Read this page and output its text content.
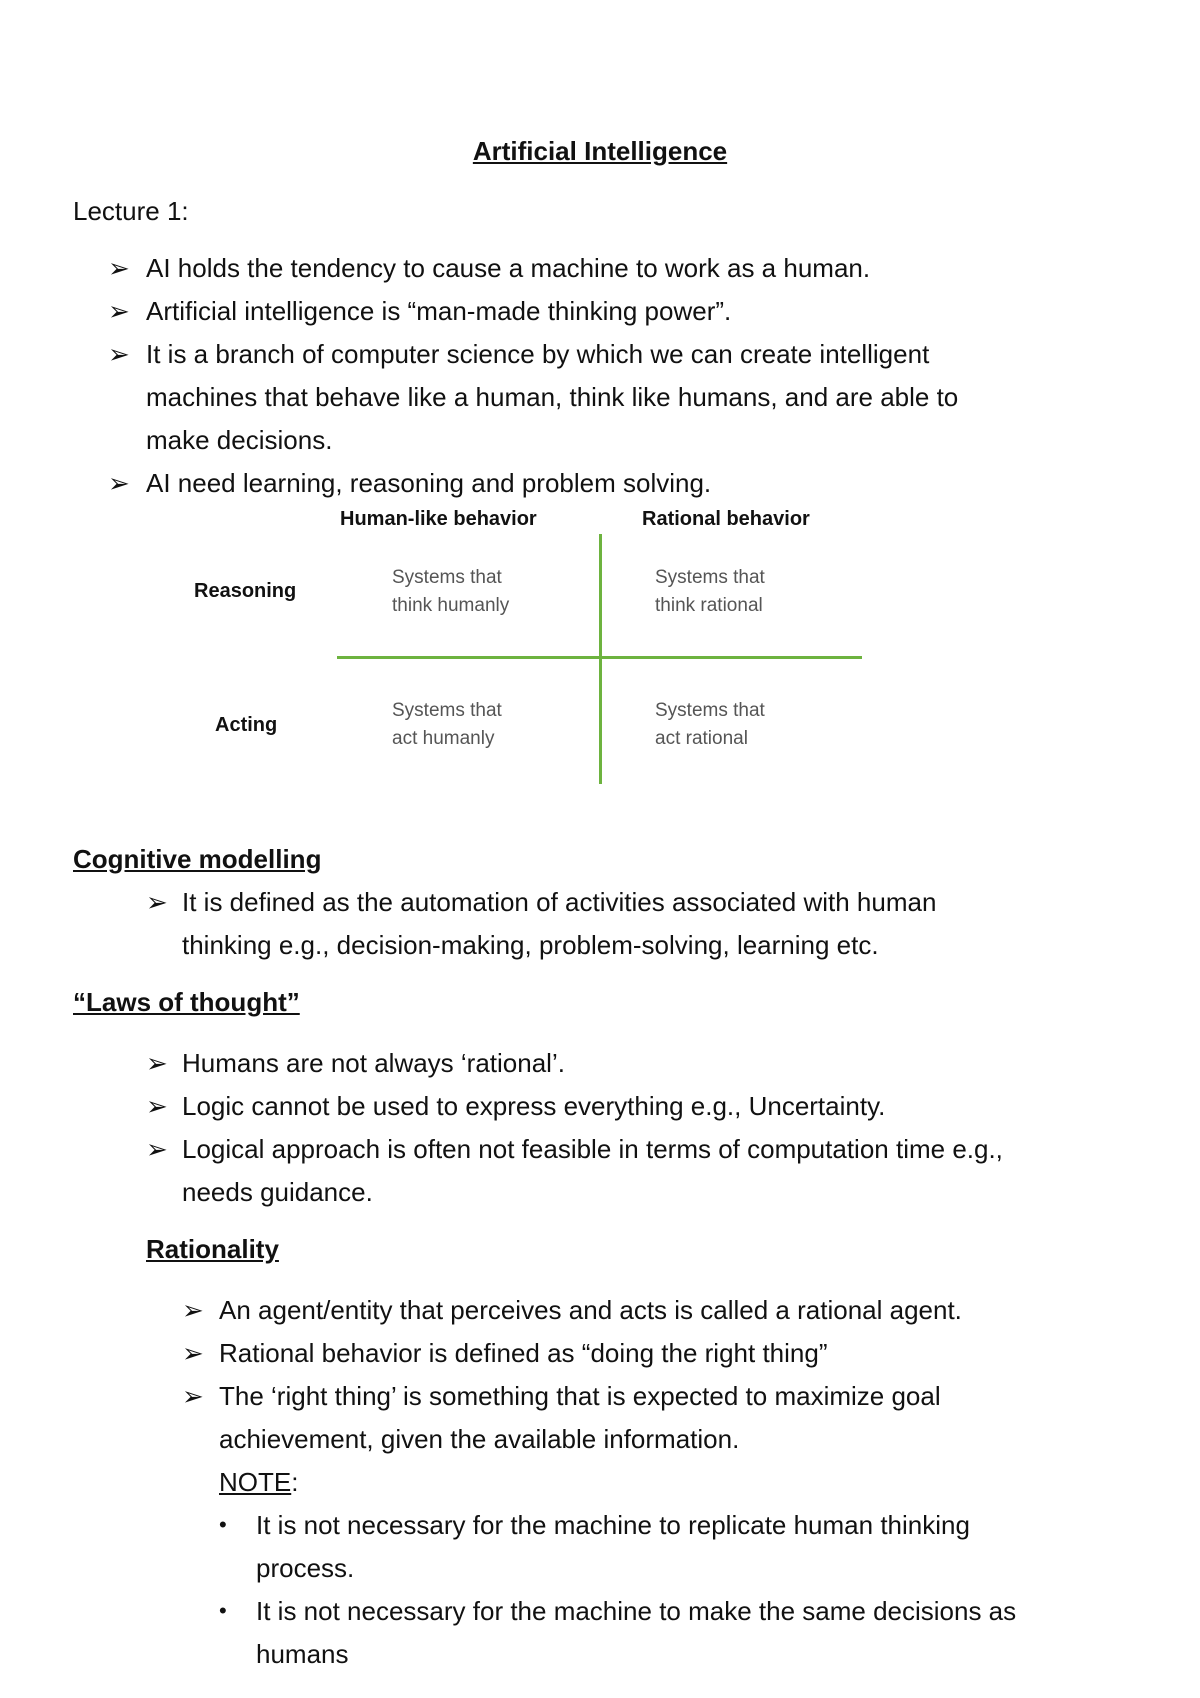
Artificial Intelligence
Lecture 1:
➢ AI holds the tendency to cause a machine to work as a human.
➢ Artificial intelligence is “man-made thinking power”.
➢ It is a branch of computer science by which we can create intelligent
machines that behave like a human, think like humans, and are able to
make decisions.
➢ AI need learning, reasoning and problem solving.
Human-like behavior	Rational behavior
Reasoning
Acting
Systems that
think humanly
Systems that
think rational
Systems that
act humanly
Systems that
act rational
Cognitive modelling
➢ It is defined as the automation of activities associated with human
thinking e.g., decision-making, problem-solving, learning etc.
“Laws of thought”
➢ Humans are not always ‘rational’.
➢ Logic cannot be used to express everything e.g., Uncertainty.
➢ Logical approach is often not feasible in terms of computation time e.g.,
needs guidance.
Rationality
➢ An agent/entity that perceives and acts is called a rational agent.
➢ Rational behavior is defined as “doing the right thing”
➢ The ‘right thing’ is something that is expected to maximize goal
achievement, given the available information.
NOTE:
• It is not necessary for the machine to replicate human thinking
process.
• It is not necessary for the machine to make the same decisions as
humans
